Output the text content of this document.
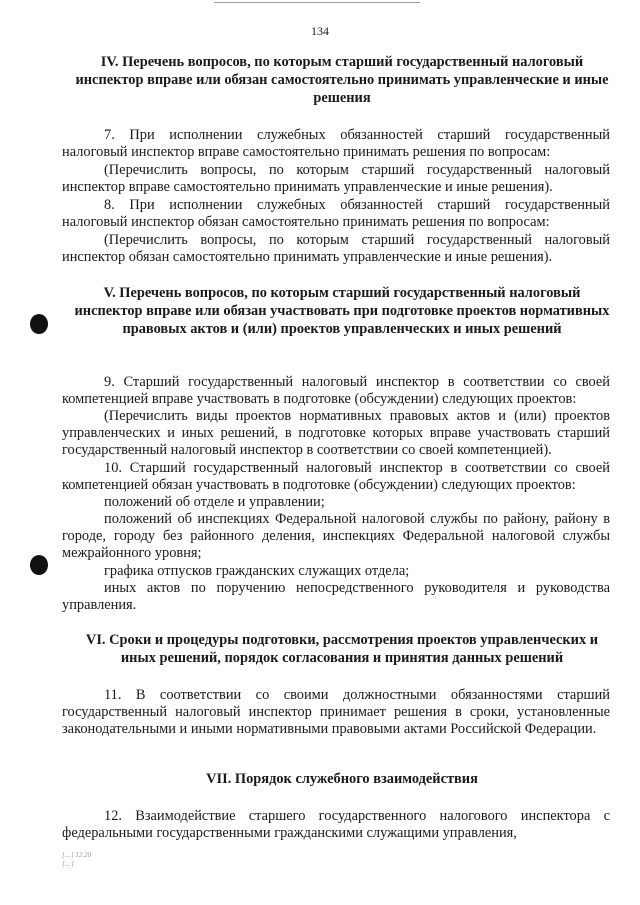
134
IV. Перечень вопросов, по которым старший государственный налоговый инспектор вправе или обязан самостоятельно принимать управленческие и иные решения
7. При исполнении служебных обязанностей старший государственный налоговый инспектор вправе самостоятельно принимать решения по вопросам:
(Перечислить вопросы, по которым старший государственный налоговый инспектор вправе самостоятельно принимать управленческие и иные решения).
8. При исполнении служебных обязанностей старший государственный налоговый инспектор обязан самостоятельно принимать решения по вопросам:
(Перечислить вопросы, по которым старший государственный налоговый инспектор обязан самостоятельно принимать управленческие и иные решения).
V. Перечень вопросов, по которым старший государственный налоговый инспектор вправе или обязан участвовать при подготовке проектов нормативных правовых актов и (или) проектов управленческих и иных решений
9. Старший государственный налоговый инспектор в соответствии со своей компетенцией вправе участвовать в подготовке (обсуждении) следующих проектов:
(Перечислить виды проектов нормативных правовых актов и (или) проектов управленческих и иных решений, в подготовке которых вправе участвовать старший государственный налоговый инспектор в соответствии со своей компетенцией).
10. Старший государственный налоговый инспектор в соответствии со своей компетенцией обязан участвовать в подготовке (обсуждении) следующих проектов:
положений об отделе и управлении;
положений об инспекциях Федеральной налоговой службы по району, району в городе, городу без районного деления, инспекциях Федеральной налоговой службы межрайонного уровня;
графика отпусков гражданских служащих отдела;
иных актов по поручению непосредственного руководителя и руководства управления.
VI. Сроки и процедуры подготовки, рассмотрения проектов управленческих и иных решений, порядок согласования и принятия данных решений
11. В соответствии со своими должностными обязанностями старший государственный налоговый инспектор принимает решения в сроки, установленные законодательными и иными нормативными правовыми актами Российской Федерации.
VII. Порядок служебного взаимодействия
12. Взаимодействие старшего государственного налогового инспектора с федеральными государственными гражданскими служащими управления,
[…] 12.20
[…]
